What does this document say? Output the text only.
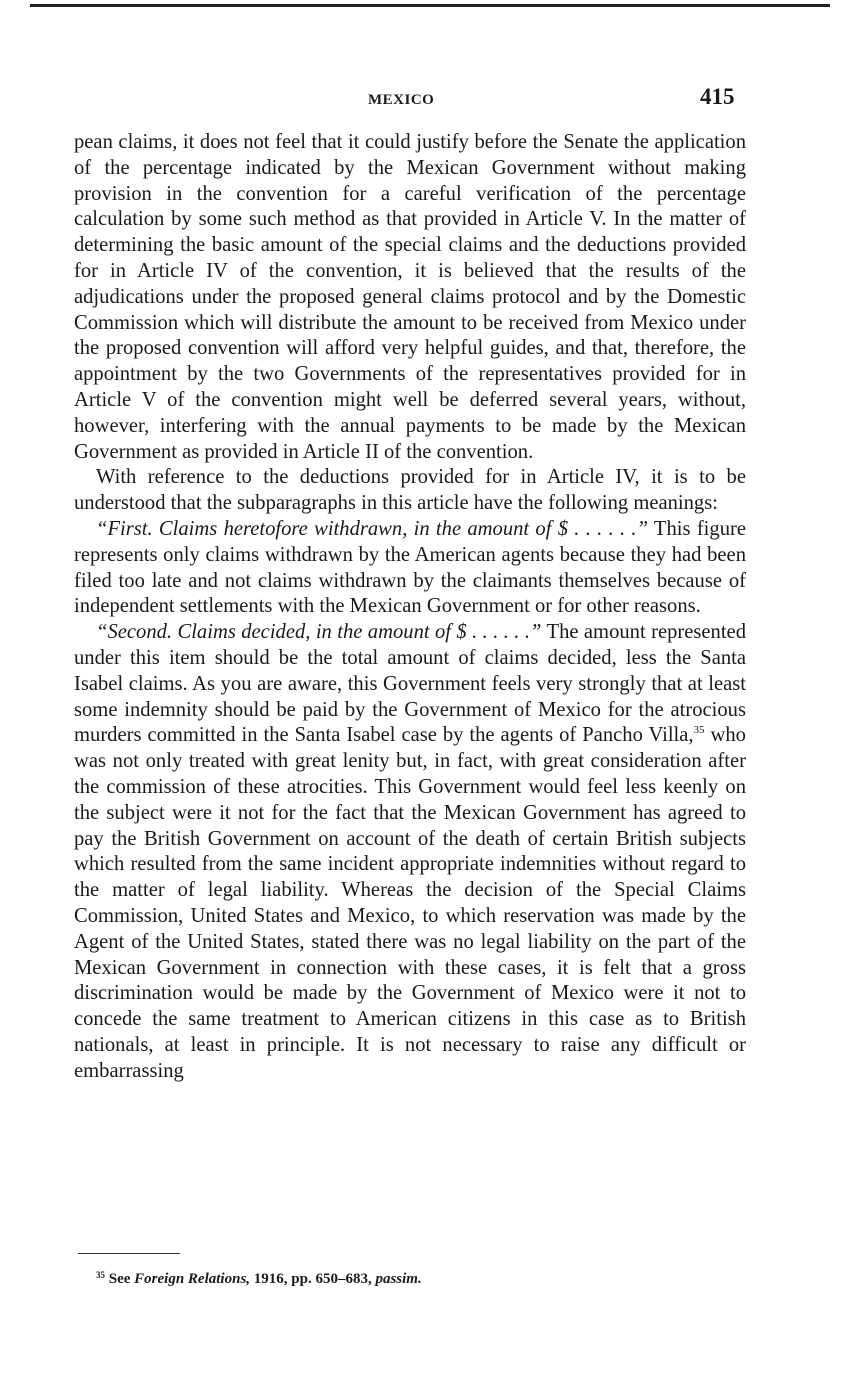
MEXICO	415

pean claims, it does not feel that it could justify before the Senate the application of the percentage indicated by the Mexican Government without making provision in the convention for a careful verification of the percentage calculation by some such method as that provided in Article V. In the matter of determining the basic amount of the special claims and the deductions provided for in Article IV of the convention, it is believed that the results of the adjudications under the proposed general claims protocol and by the Domestic Commission which will distribute the amount to be received from Mexico under the proposed convention will afford very helpful guides, and that, therefore, the appointment by the two Governments of the representatives provided for in Article V of the convention might well be deferred several years, without, however, interfering with the annual payments to be made by the Mexican Government as provided in Article II of the convention.

With reference to the deductions provided for in Article IV, it is to be understood that the subparagraphs in this article have the following meanings:

“First. Claims heretofore withdrawn, in the amount of $ . . . . . .” This figure represents only claims withdrawn by the American agents because they had been filed too late and not claims withdrawn by the claimants themselves because of independent settlements with the Mexican Government or for other reasons.

“Second. Claims decided, in the amount of $ . . . . . .” The amount represented under this item should be the total amount of claims decided, less the Santa Isabel claims. As you are aware, this Government feels very strongly that at least some indemnity should be paid by the Government of Mexico for the atrocious murders committed in the Santa Isabel case by the agents of Pancho Villa,$^{35}$ who was not only treated with great lenity but, in fact, with great consideration after the commission of these atrocities. This Government would feel less keenly on the subject were it not for the fact that the Mexican Government has agreed to pay the British Government on account of the death of certain British subjects which resulted from the same incident appropriate indemnities without regard to the matter of legal liability. Whereas the decision of the Special Claims Commission, United States and Mexico, to which reservation was made by the Agent of the United States, stated there was no legal liability on the part of the Mexican Government in connection with these cases, it is felt that a gross discrimination would be made by the Government of Mexico were it not to concede the same treatment to American citizens in this case as to British nationals, at least in principle. It is not necessary to raise any difficult or embarrassing

$^{35}$ See Foreign Relations, 1916, pp. 650–683, passim.
